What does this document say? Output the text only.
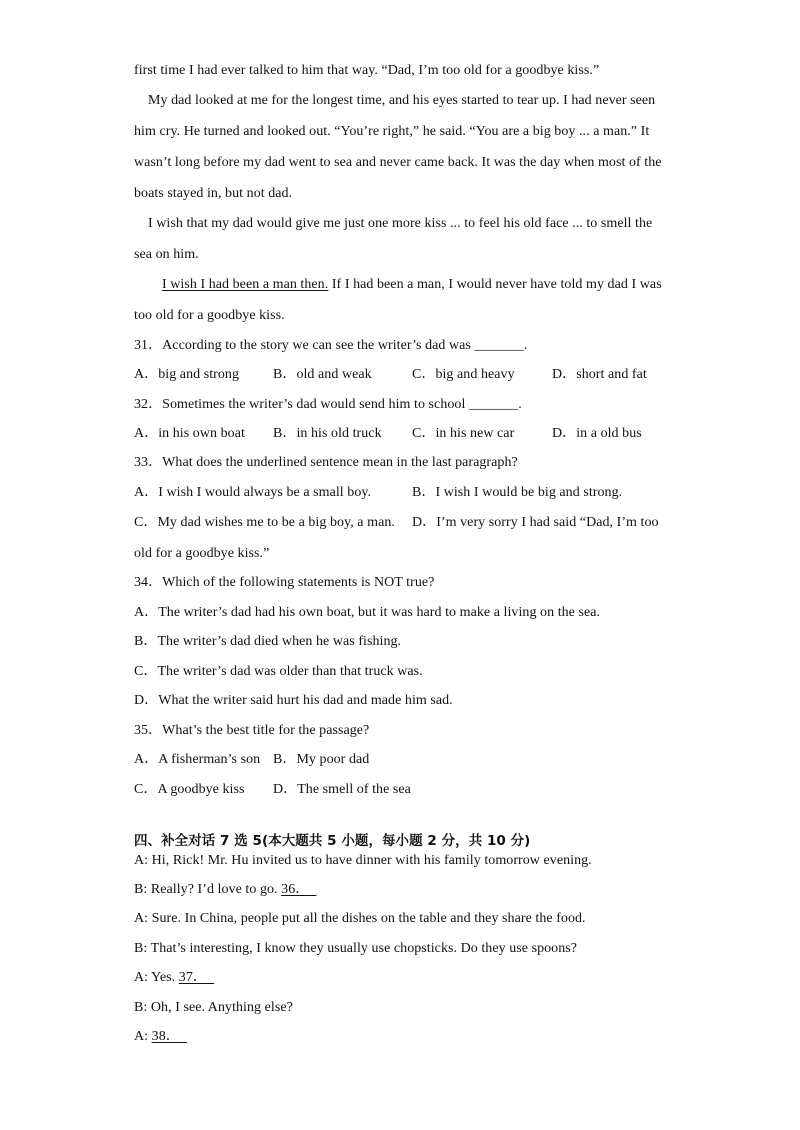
first time I had ever talked to him that way. “Dad, I’m too old for a goodbye kiss.”
My dad looked at me for the longest time, and his eyes started to tear up. I had never seen
him cry. He turned and looked out. “You’re right,” he said. “You are a big boy ... a man.” It
wasn’t long before my dad went to sea and never came back. It was the day when most of the
boats stayed in, but not dad.
I wish that my dad would give me just one more kiss ... to feel his old face ... to smell the
sea on him.
I wish I had been a man then. If I had been a man, I would never have told my dad I was
too old for a goodbye kiss.
31．According to the story we can see the writer’s dad was _______.
A．big and strong B．old and weak	C．big and heavy	D．short and fat
32．Sometimes the writer’s dad would send him to school _______.
A．in his own boat B．in his old truck C．in his new car	D．in a old bus
33．What does the underlined sentence mean in the last paragraph?
A．I wish I would always be a small boy.	B．I wish I would be big and strong.
C．My dad wishes me to be a big boy, a man. D．I’m very sorry I had said “Dad, I’m too
old for a goodbye kiss.”
34．Which of the following statements is NOT true?
A．The writer’s dad had his own boat, but it was hard to make a living on the sea.
B．The writer’s dad died when he was fishing.
C．The writer’s dad was older than that truck was.
D．What the writer said hurt his dad and made him sad.
35．What’s the best title for the passage?
A．A fisherman’s son B．My poor dad
C．A goodbye kiss D．The smell of the sea
四、补全对话 7 选 5(本大题共 5 小题，每小题 2 分，共 10 分)
A: Hi, Rick! Mr. Hu invited us to have dinner with his family tomorrow evening.
B: Really? I’d love to go. 36．
A: Sure. In China, people put all the dishes on the table and they share the food.
B: That’s interesting, I know they usually use chopsticks. Do they use spoons?
A: Yes. 37．
B: Oh, I see. Anything else?
A: 38．
